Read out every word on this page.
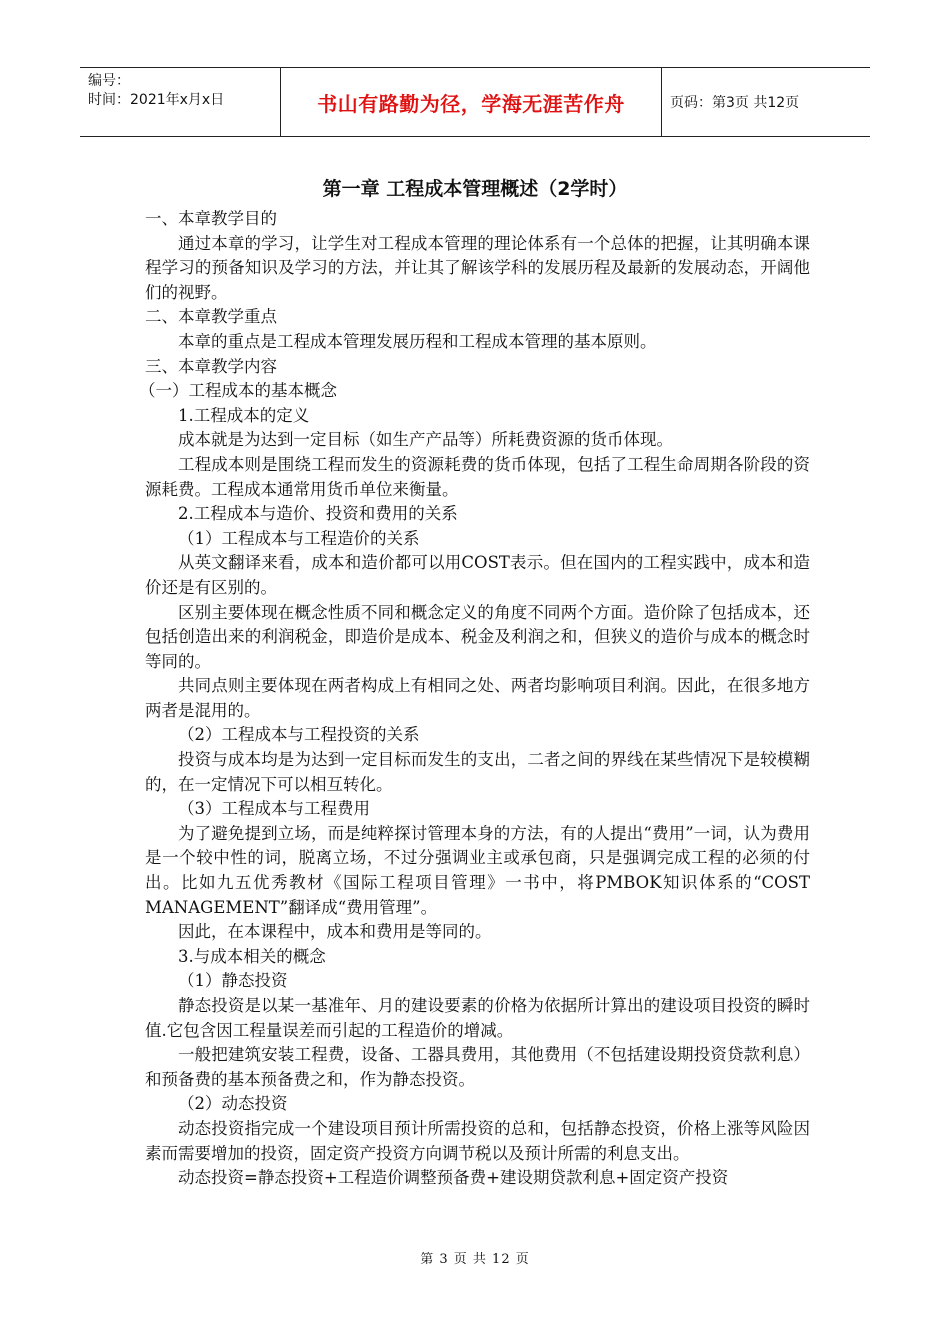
编号：
时间：2021年x月x日	书山有路勤为径，学海无涯苦作舟	页码：第3页 共12页
第一章 工程成本管理概述（2学时）

一、本章教学目的

通过本章的学习，让学生对工程成本管理的理论体系有一个总体的把握，让其明确本课程学习的预备知识及学习的方法，并让其了解该学科的发展历程及最新的发展动态，开阔他们的视野。

二、本章教学重点

本章的重点是工程成本管理发展历程和工程成本管理的基本原则。

三、本章教学内容

（一）工程成本的基本概念

1.工程成本的定义

成本就是为达到一定目标（如生产产品等）所耗费资源的货币体现。

工程成本则是围绕工程而发生的资源耗费的货币体现，包括了工程生命周期各阶段的资源耗费。工程成本通常用货币单位来衡量。

2.工程成本与造价、投资和费用的关系

（1）工程成本与工程造价的关系

从英文翻译来看，成本和造价都可以用COST表示。但在国内的工程实践中，成本和造价还是有区别的。

区别主要体现在概念性质不同和概念定义的角度不同两个方面。造价除了包括成本，还包括创造出来的利润税金，即造价是成本、税金及利润之和，但狭义的造价与成本的概念时等同的。

共同点则主要体现在两者构成上有相同之处、两者均影响项目利润。因此，在很多地方两者是混用的。

（2）工程成本与工程投资的关系

投资与成本均是为达到一定目标而发生的支出，二者之间的界线在某些情况下是较模糊的，在一定情况下可以相互转化。

（3）工程成本与工程费用

为了避免提到立场，而是纯粹探讨管理本身的方法，有的人提出“费用”一词，认为费用是一个较中性的词，脱离立场，不过分强调业主或承包商，只是强调完成工程的必须的付出。比如九五优秀教材《国际工程项目管理》一书中，将PMBOK知识体系的“COST MANAGEMENT”翻译成“费用管理”。

因此，在本课程中，成本和费用是等同的。

3.与成本相关的概念

（1）静态投资

静态投资是以某一基准年、月的建设要素的价格为依据所计算出的建设项目投资的瞬时值.它包含因工程量误差而引起的工程造价的增减。

一般把建筑安装工程费，设备、工器具费用，其他费用（不包括建设期投资贷款利息）和预备费的基本预备费之和，作为静态投资。

（2）动态投资

动态投资指完成一个建设项目预计所需投资的总和，包括静态投资，价格上涨等风险因素而需要增加的投资，固定资产投资方向调节税以及预计所需的利息支出。

动态投资=静态投资+工程造价调整预备费+建设期贷款利息+固定资产投资

第 3 页 共 12 页
